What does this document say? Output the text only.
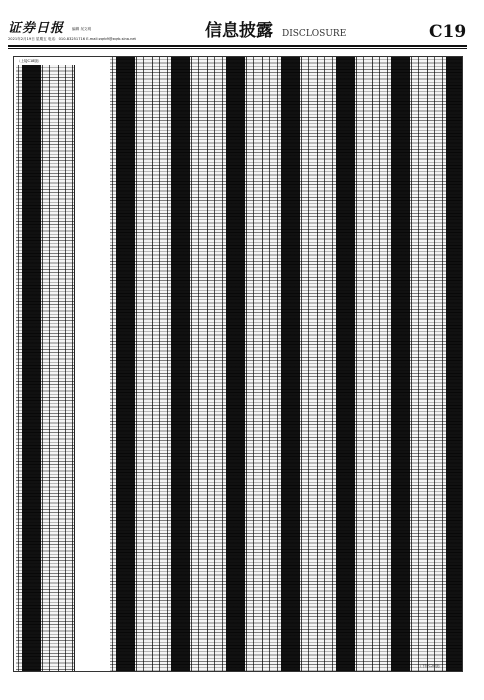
证券日报 编辑 吴文玥
2021年2月19日 星期五 电话：010-83251716 E-mail:zqrb9@zqrb.sina.net	信息披露 DISCLOSURE	C19
（上接C18版）
（下转C20版）
